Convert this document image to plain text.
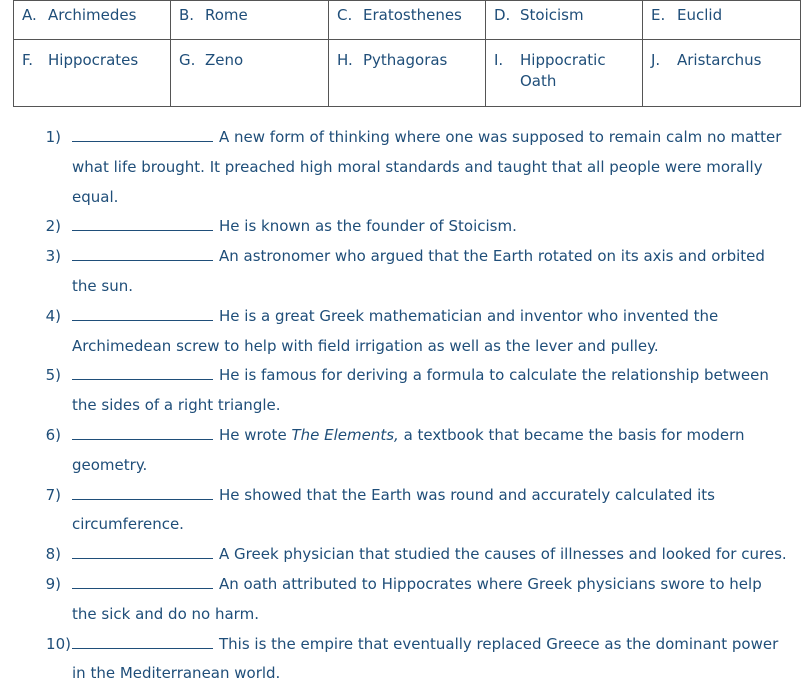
A. Archimedes	B. Rome	C. Eratosthenes	D. Stoicism	E. Euclid

F. Hippocrates	G. Zeno	H. Pythagoras	I. Hippocratic Oath	J. Aristarchus
1)	A new form of thinking where one was supposed to remain calm no matter what life brought. It preached high moral standards and taught that all people were morally equal.
2)	He is known as the founder of Stoicism.
3)	An astronomer who argued that the Earth rotated on its axis and orbited the sun.
4)	He is a great Greek mathematician and inventor who invented the Archimedean screw to help with field irrigation as well as the lever and pulley.
5)	He is famous for deriving a formula to calculate the relationship between the sides of a right triangle.
6)	He wrote The Elements, a textbook that became the basis for modern geometry.
7)	He showed that the Earth was round and accurately calculated its circumference.
8)	A Greek physician that studied the causes of illnesses and looked for cures.
9)	An oath attributed to Hippocrates where Greek physicians swore to help the sick and do no harm.
10)	This is the empire that eventually replaced Greece as the dominant power in the Mediterranean world.
